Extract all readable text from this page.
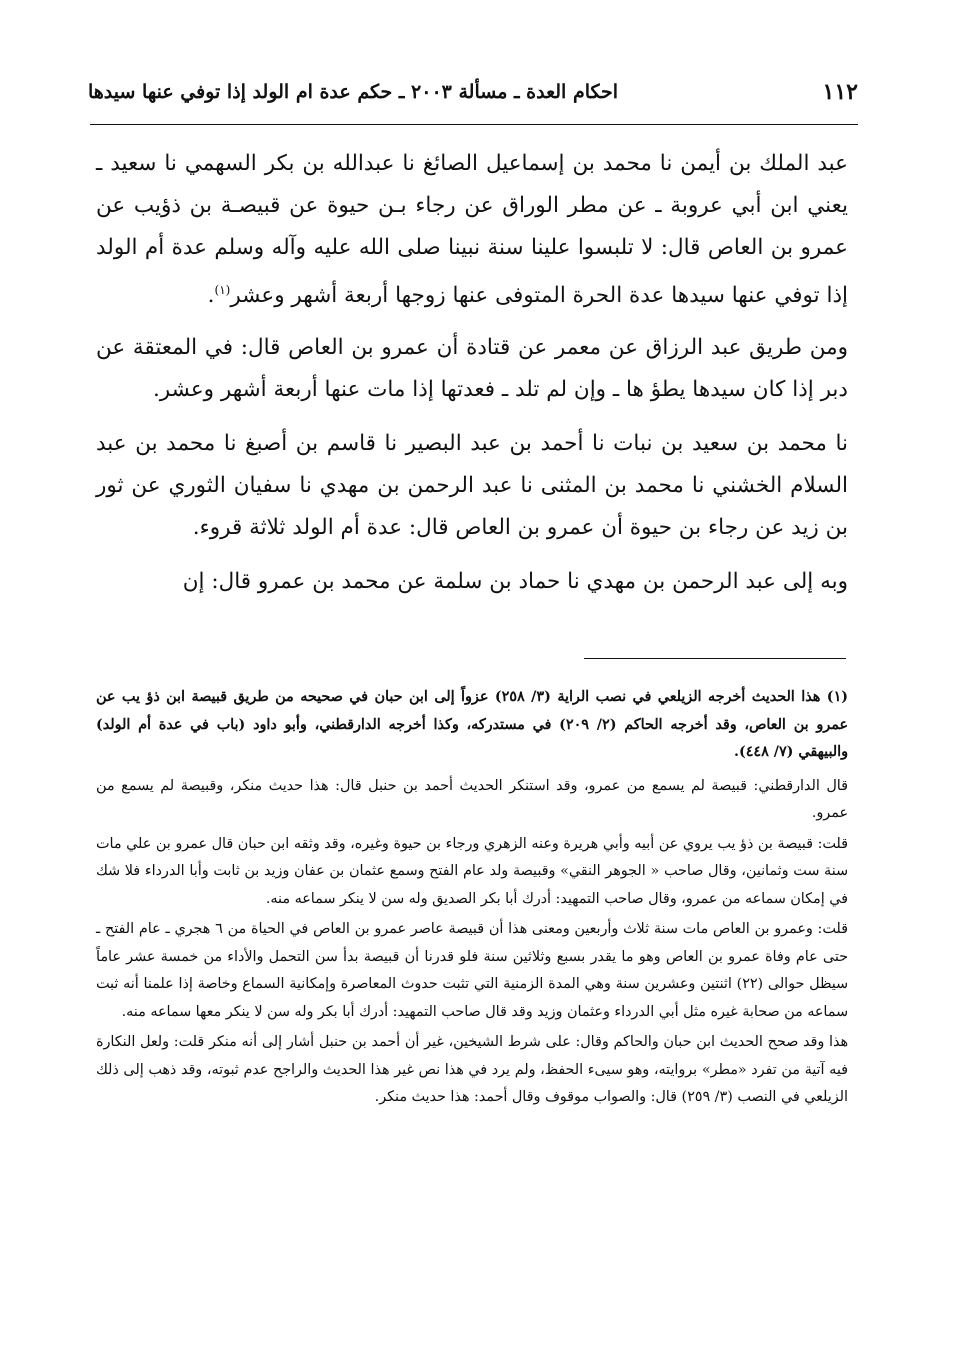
١١٢
احكام العدة ـ مسألة ٢٠٠٣ ـ حكم عدة ام الولد إذا توفي عنها سيدها

عبد الملك بن أيمن نا محمد بن إسماعيل الصائغ نا عبدالله بن بكر السهمي نا سعيد ـ يعني ابن أبي عروبة ـ عن مطر الوراق عن رجاء بـن حيوة عن قبيصـة بن ذؤيب عن عمرو بن العاص قال: لا تلبسوا علينا سنة نبينا صلى الله عليه وآله وسلم عدة أم الولد إذا توفي عنها سيدها عدة الحرة المتوفى عنها زوجها أربعة أشهر وعشر$^{(١)}$.

ومن طريق عبد الرزاق عن معمر عن قتادة أن عمرو بن العاص قال: في المعتقة عن دبر إذا كان سيدها يطؤ ها ـ وإن لم تلد ـ فعدتها إذا مات عنها أربعة أشهر وعشر.

نا محمد بن سعيد بن نبات نا أحمد بن عبد البصير نا قاسم بن أصبغ نا محمد بن عبد السلام الخشني نا محمد بن المثنى نا عبد الرحمن بن مهدي نا سفيان الثوري عن ثور بن زيد عن رجاء بن حيوة أن عمرو بن العاص قال: عدة أم الولد ثلاثة قروء.

وبه إلى عبد الرحمن بن مهدي نا حماد بن سلمة عن محمد بن عمرو قال: إن

(١) هذا الحديث أخرجه الزيلعي في نصب الراية (٣/ ٢٥٨) عزواً إلى ابن حبان في صحيحه من طريق قبيصة ابن ذؤ يب عن عمرو بن العاص، وقد أخرجه الحاكم (٢/ ٢٠٩) في مستدركه، وكذا أخرجه الدارقطني، وأبو داود (باب في عدة أم الولد) والبيهقي (٧/ ٤٤٨).

قال الدارقطني: قبيصة لم يسمع من عمرو، وقد استنكر الحديث أحمد بن حنبل قال: هذا حديث منكر، وقبيصة لم يسمع من عمرو.

قلت: قبيصة بن ذؤ يب يروي عن أبيه وأبي هريرة وعنه الزهري ورجاء بن حيوة وغيره، وقد وثقه ابن حبان قال عمرو بن علي مات سنة ست وثمانين، وقال صاحب « الجوهر النقي» وقبيصة ولد عام الفتح وسمع عثمان بن عفان وزيد بن ثابت وأبا الدرداء فلا شك في إمكان سماعه من عمرو، وقال صاحب التمهيد: أدرك أبا بكر الصديق وله سن لا ينكر سماعه منه.

قلت: وعمرو بن العاص مات سنة ثلاث وأربعين ومعنى هذا أن قبيصة عاصر عمرو بن العاص في الحياة من ٦ هجري ـ عام الفتح ـ حتى عام وفاة عمرو بن العاص وهو ما يقدر بسبع وثلاثين سنة فلو قدرنا أن قبيصة بدأ سن التحمل والأداء من خمسة عشر عاماً سيظل حوالى (٢٢) اثنتين وعشرين سنة وهي المدة الزمنية التي تثبت حدوث المعاصرة وإمكانية السماع وخاصة إذا علمنا أنه ثبت سماعه من صحابة غيره مثل أبي الدرداء وعثمان وزيد وقد قال صاحب التمهيد: أدرك أبا بكر وله سن لا ينكر معها سماعه منه.

هذا وقد صحح الحديث ابن حبان والحاكم وقال: على شرط الشيخين، غير أن أحمد بن حنبل أشار إلى أنه منكر قلت: ولعل النكارة فيه آتية من تفرد «مطر» بروايته، وهو سيىء الحفظ، ولم يرد في هذا نص غير هذا الحديث والراجح عدم ثبوته، وقد ذهب إلى ذلك الزيلعي في النصب (٣/ ٢٥٩) قال: والصواب موقوف وقال أحمد: هذا حديث منكر.
